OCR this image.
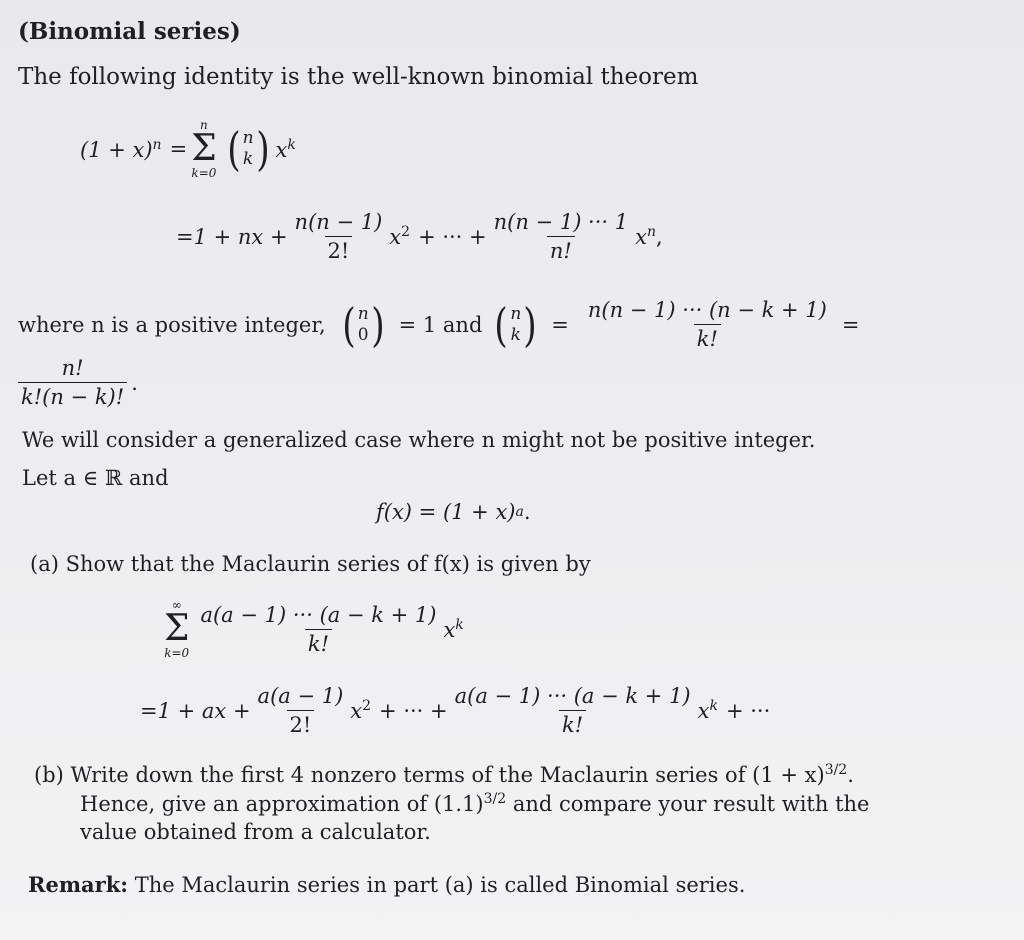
(Binomial series)
The following identity is the well-known binomial theorem
$(1 + x)^n$ =
n
Σ
k=0 ( n
k ) $x^k$
=1 + nx + $\frac{n(n - 1)}{2!} x^2$ + ··· + $\frac{n(n - 1) \cdot\cdot\cdot 1}{n!} x^n$,
where n is a positive integer, ( n
0 ) = 1 and ( n
k ) = $\frac{n(n - 1) \cdot\cdot\cdot (n - k + 1)}{k!}$ =
$\frac{n!}{k!(n - k)!}$ .
We will consider a generalized case where n might not be positive integer.
Let a ∈ ℝ and
f(x) = (1 + x) a .
(a) Show that the Maclaurin series of f(x) is given by
∞
Σ
$k=0 \frac{a(a - 1) \cdot\cdot\cdot (a - k + 1)}{k!} x^k$
=1 + ax + $\frac{a(a - 1)}{2!} x^2$ + ··· + $\frac{a(a - 1) \cdot\cdot\cdot (a - k + 1)}{k!} x^k$ + ···
(b) Write down the first 4 nonzero terms of the Maclaurin series of $(1 + x)^{3/2}$.
Hence, give an approximation of $(1.1)^{3/2}$ and compare your result with the
value obtained from a calculator.
Remark: The Maclaurin series in part (a) is called Binomial series.
